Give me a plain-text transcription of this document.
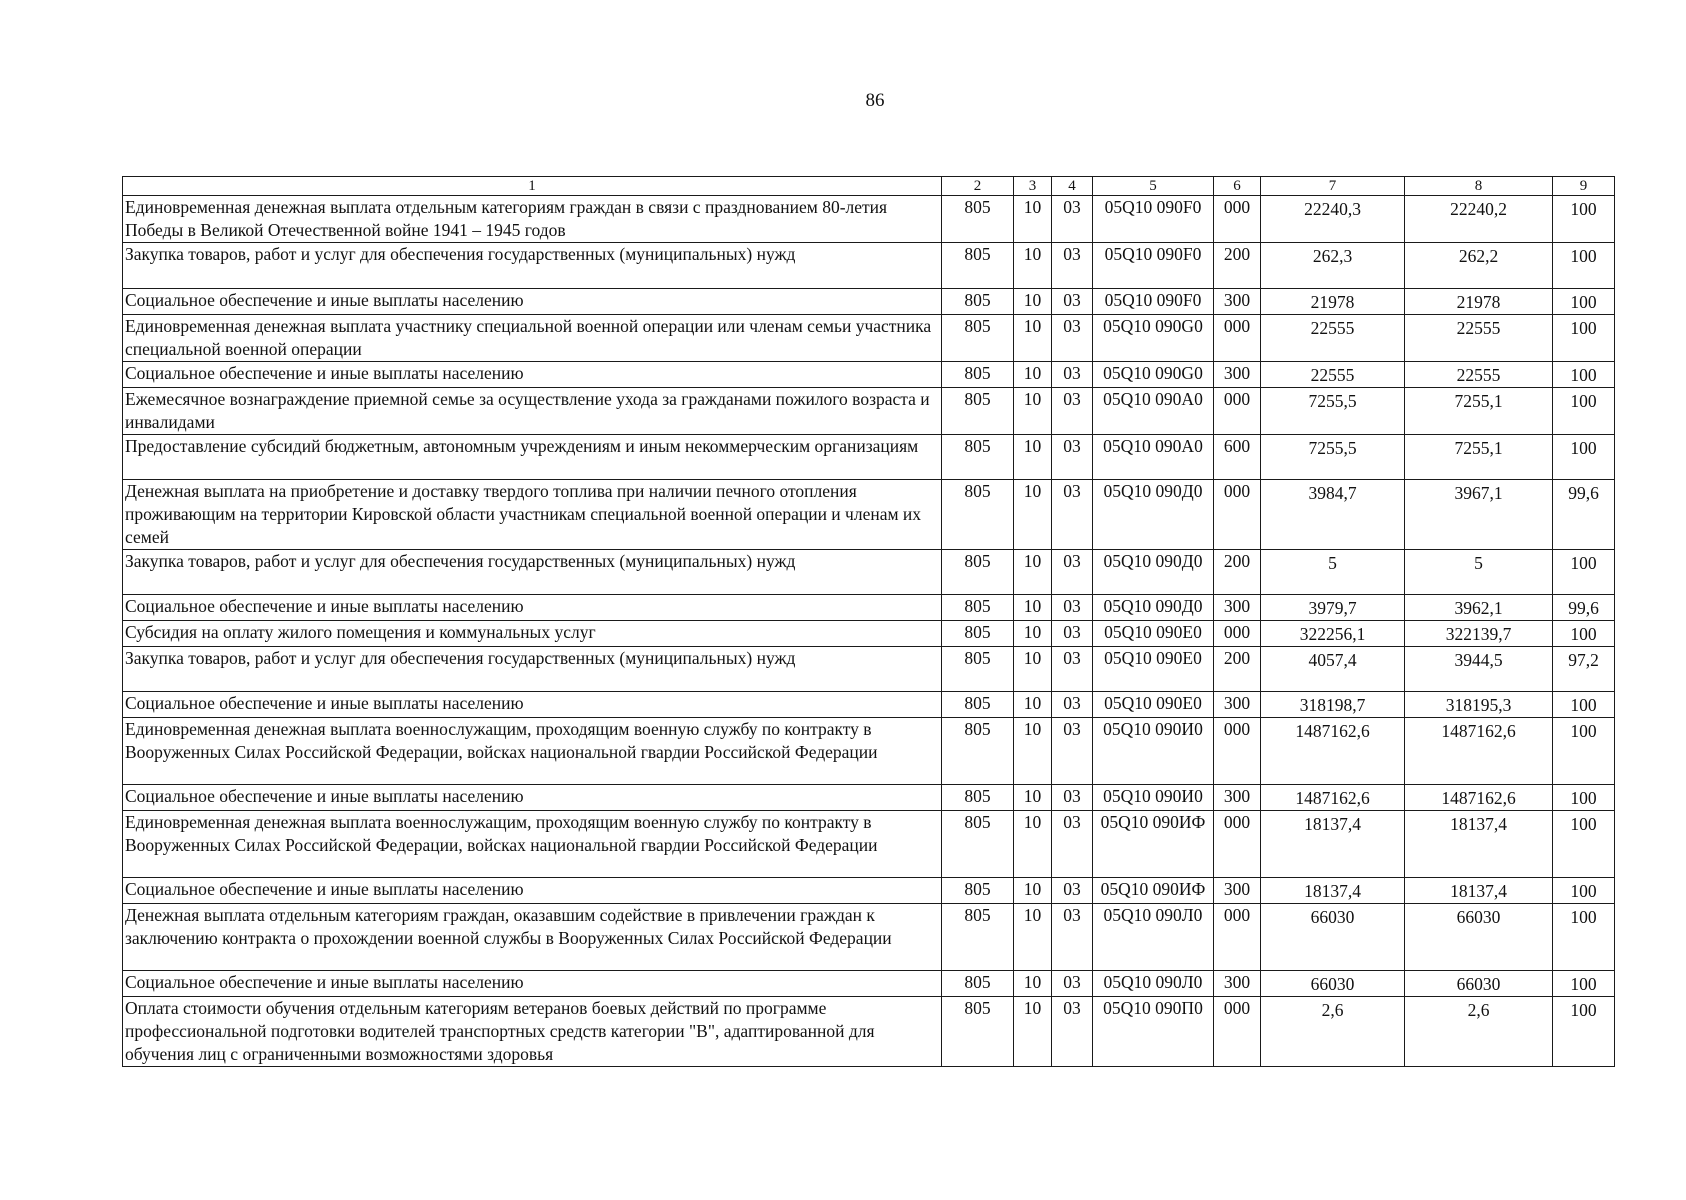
86
1	2	3	4	5	6	7	8	9
Единовременная денежная выплата отдельным категориям граждан в связи с празднованием 80-летия Победы в Великой Отечественной войне 1941 – 1945 годов	805	10	03	05Q10 090F0	000	22240,3	22240,2	100
Закупка товаров, работ и услуг для обеспечения государственных (муниципальных) нужд	805	10	03	05Q10 090F0	200	262,3	262,2	100
Социальное обеспечение и иные выплаты населению	805	10	03	05Q10 090F0	300	21978	21978	100
Единовременная денежная выплата участнику специальной военной операции или членам семьи участника специальной военной операции	805	10	03	05Q10 090G0	000	22555	22555	100
Социальное обеспечение и иные выплаты населению	805	10	03	05Q10 090G0	300	22555	22555	100
Ежемесячное вознаграждение приемной семье за осуществление ухода за гражданами пожилого возраста и инвалидами	805	10	03	05Q10 090A0	000	7255,5	7255,1	100
Предоставление субсидий бюджетным, автономным учреждениям и иным некоммерческим организациям	805	10	03	05Q10 090A0	600	7255,5	7255,1	100
Денежная выплата на приобретение и доставку твердого топлива при наличии печного отопления проживающим на территории Кировской области участникам специальной военной операции и членам их семей	805	10	03	05Q10 090Д0	000	3984,7	3967,1	99,6
Закупка товаров, работ и услуг для обеспечения государственных (муниципальных) нужд	805	10	03	05Q10 090Д0	200	5	5	100
Социальное обеспечение и иные выплаты населению	805	10	03	05Q10 090Д0	300	3979,7	3962,1	99,6
Субсидия на оплату жилого помещения и коммунальных услуг	805	10	03	05Q10 090E0	000	322256,1	322139,7	100
Закупка товаров, работ и услуг для обеспечения государственных (муниципальных) нужд	805	10	03	05Q10 090E0	200	4057,4	3944,5	97,2
Социальное обеспечение и иные выплаты населению	805	10	03	05Q10 090E0	300	318198,7	318195,3	100
Единовременная денежная выплата военнослужащим, проходящим военную службу по контракту в Вооруженных Силах Российской Федерации, войсках национальной гвардии Российской Федерации	805	10	03	05Q10 090И0	000	1487162,6	1487162,6	100
Социальное обеспечение и иные выплаты населению	805	10	03	05Q10 090И0	300	1487162,6	1487162,6	100
Единовременная денежная выплата военнослужащим, проходящим военную службу по контракту в Вооруженных Силах Российской Федерации, войсках национальной гвардии Российской Федерации	805	10	03	05Q10 090ИФ	000	18137,4	18137,4	100
Социальное обеспечение и иные выплаты населению	805	10	03	05Q10 090ИФ	300	18137,4	18137,4	100
Денежная выплата отдельным категориям граждан, оказавшим содействие в привлечении граждан к заключению контракта о прохождении военной службы в Вооруженных Силах Российской Федерации	805	10	03	05Q10 090Л0	000	66030	66030	100
Социальное обеспечение и иные выплаты населению	805	10	03	05Q10 090Л0	300	66030	66030	100
Оплата стоимости обучения отдельным категориям ветеранов боевых действий по программе профессиональной подготовки водителей транспортных средств категории "В", адаптированной для обучения лиц с ограниченными возможностями здоровья	805	10	03	05Q10 090П0	000	2,6	2,6	100
